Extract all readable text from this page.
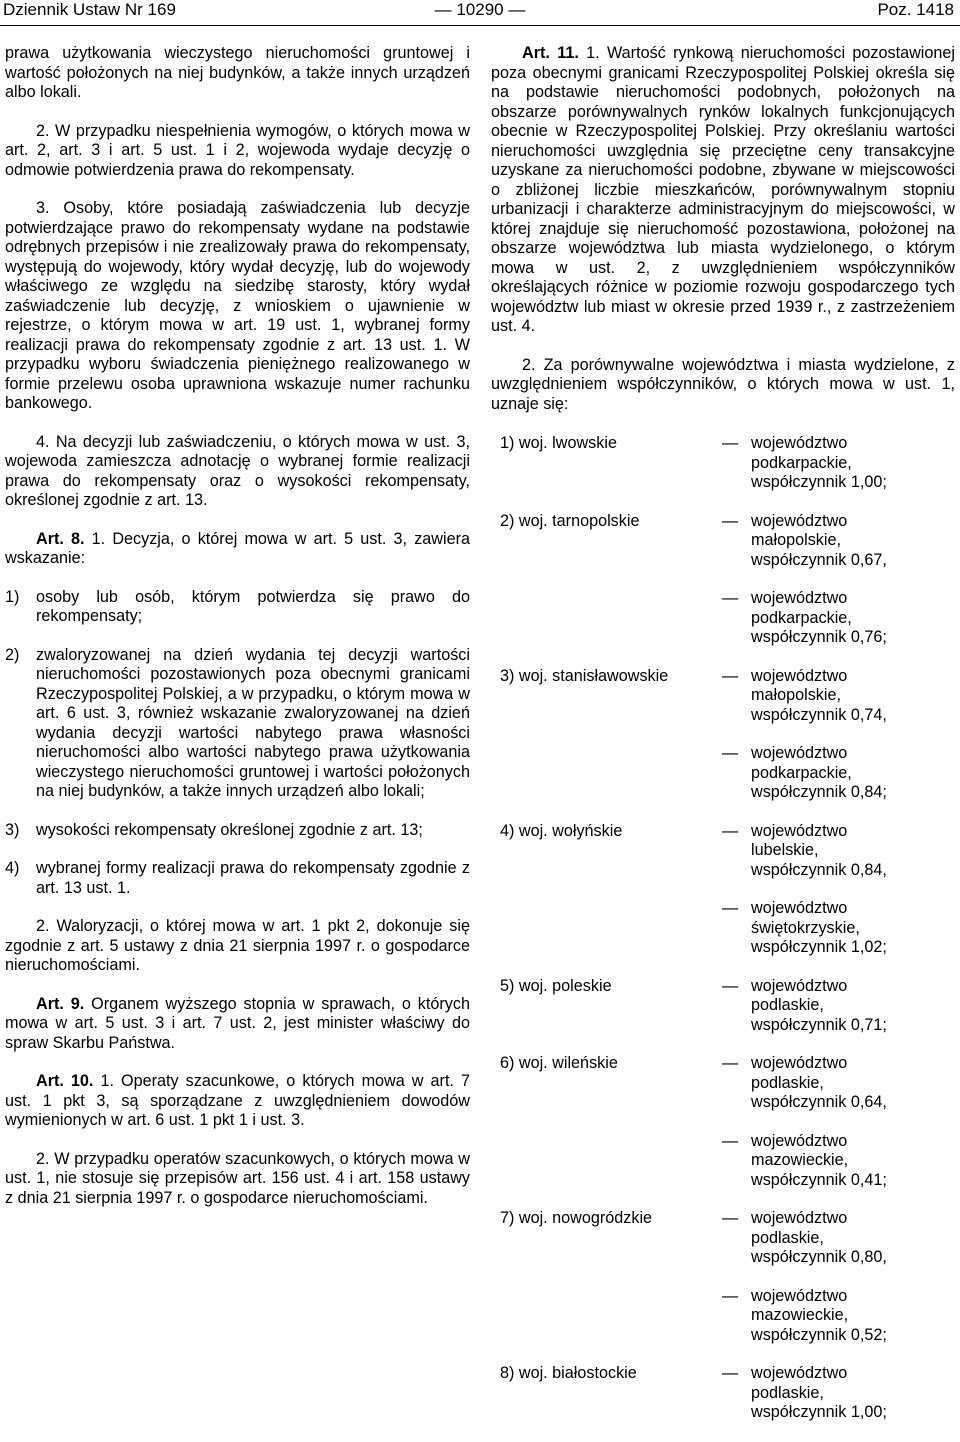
Dziennik Ustaw Nr 169	— 10290 —	Poz. 1418

prawa użytkowania wieczystego nieruchomości gruntowej i wartość położonych na niej budynków, a także innych urządzeń albo lokali.

2. W przypadku niespełnienia wymogów, o których mowa w art. 2, art. 3 i art. 5 ust. 1 i 2, wojewoda wydaje decyzję o odmowie potwierdzenia prawa do rekompensaty.

3. Osoby, które posiadają zaświadczenia lub decyzje potwierdzające prawo do rekompensaty wydane na podstawie odrębnych przepisów i nie zrealizowały prawa do rekompensaty, występują do wojewody, który wydał decyzję, lub do wojewody właściwego ze względu na siedzibę starosty, który wydał zaświadczenie lub decyzję, z wnioskiem o ujawnienie w rejestrze, o którym mowa w art. 19 ust. 1, wybranej formy realizacji prawa do rekompensaty zgodnie z art. 13 ust. 1. W przypadku wyboru świadczenia pieniężnego realizowanego w formie przelewu osoba uprawniona wskazuje numer rachunku bankowego.

4. Na decyzji lub zaświadczeniu, o których mowa w ust. 3, wojewoda zamieszcza adnotację o wybranej formie realizacji prawa do rekompensaty oraz o wysokości rekompensaty, określonej zgodnie z art. 13.

Art. 8. 1. Decyzja, o której mowa w art. 5 ust. 3, zawiera wskazanie:

1)	osoby lub osób, którym potwierdza się prawo do rekompensaty;
2)	zwaloryzowanej na dzień wydania tej decyzji wartości nieruchomości pozostawionych poza obecnymi granicami Rzeczypospolitej Polskiej, a w przypadku, o którym mowa w art. 6 ust. 3, również wskazanie zwaloryzowanej na dzień wydania decyzji wartości nabytego prawa własności nieruchomości albo wartości nabytego prawa użytkowania wieczystego nieruchomości gruntowej i wartości położonych na niej budynków, a także innych urządzeń albo lokali;
3)	wysokości rekompensaty określonej zgodnie z art. 13;
4)	wybranej formy realizacji prawa do rekompensaty zgodnie z art. 13 ust. 1.

2. Waloryzacji, o której mowa w art. 1 pkt 2, dokonuje się zgodnie z art. 5 ustawy z dnia 21 sierpnia 1997 r. o gospodarce nieruchomościami.

Art. 9. Organem wyższego stopnia w sprawach, o których mowa w art. 5 ust. 3 i art. 7 ust. 2, jest minister właściwy do spraw Skarbu Państwa.

Art. 10. 1. Operaty szacunkowe, o których mowa w art. 7 ust. 1 pkt 3, są sporządzane z uwzględnieniem dowodów wymienionych w art. 6 ust. 1 pkt 1 i ust. 3.

2. W przypadku operatów szacunkowych, o których mowa w ust. 1, nie stosuje się przepisów art. 156 ust. 4 i art. 158 ustawy z dnia 21 sierpnia 1997 r. o gospodarce nieruchomościami.

Art. 11. 1. Wartość rynkową nieruchomości pozostawionej poza obecnymi granicami Rzeczypospolitej Polskiej określa się na podstawie nieruchomości podobnych, położonych na obszarze porównywalnych rynków lokalnych funkcjonujących obecnie w Rzeczypospolitej Polskiej. Przy określaniu wartości nieruchomości uwzględnia się przeciętne ceny transakcyjne uzyskane za nieruchomości podobne, zbywane w miejscowości o zbliżonej liczbie mieszkańców, porównywalnym stopniu urbanizacji i charakterze administracyjnym do miejscowości, w której znajduje się nieruchomość pozostawiona, położonej na obszarze województwa lub miasta wydzielonego, o którym mowa w ust. 2, z uwzględnieniem współczynników określających różnice w poziomie rozwoju gospodarczego tych województw lub miast w okresie przed 1939 r., z zastrzeżeniem ust. 4.

2. Za porównywalne województwa i miasta wydzielone, z uwzględnieniem współczynników, o których mowa w ust. 1, uznaje się:

1) woj. lwowskie	— województwo
podkarpackie,
współczynnik 1,00;
2) woj. tarnopolskie	— województwo
małopolskie,
współczynnik 0,67,
— województwo
podkarpackie,
współczynnik 0,76;
3) woj. stanisławowskie	— województwo
małopolskie,
współczynnik 0,74,
— województwo
podkarpackie,
współczynnik 0,84;
4) woj. wołyńskie	— województwo
lubelskie,
współczynnik 0,84,
— województwo
świętokrzyskie,
współczynnik 1,02;
5) woj. poleskie	— województwo
podlaskie,
współczynnik 0,71;
6) woj. wileńskie	— województwo
podlaskie,
współczynnik 0,64,
— województwo
mazowieckie,
współczynnik 0,41;
7) woj. nowogródzkie	— województwo
podlaskie,
współczynnik 0,80,
— województwo
mazowieckie,
współczynnik 0,52;
8) woj. białostockie	— województwo
podlaskie,
współczynnik 1,00;
